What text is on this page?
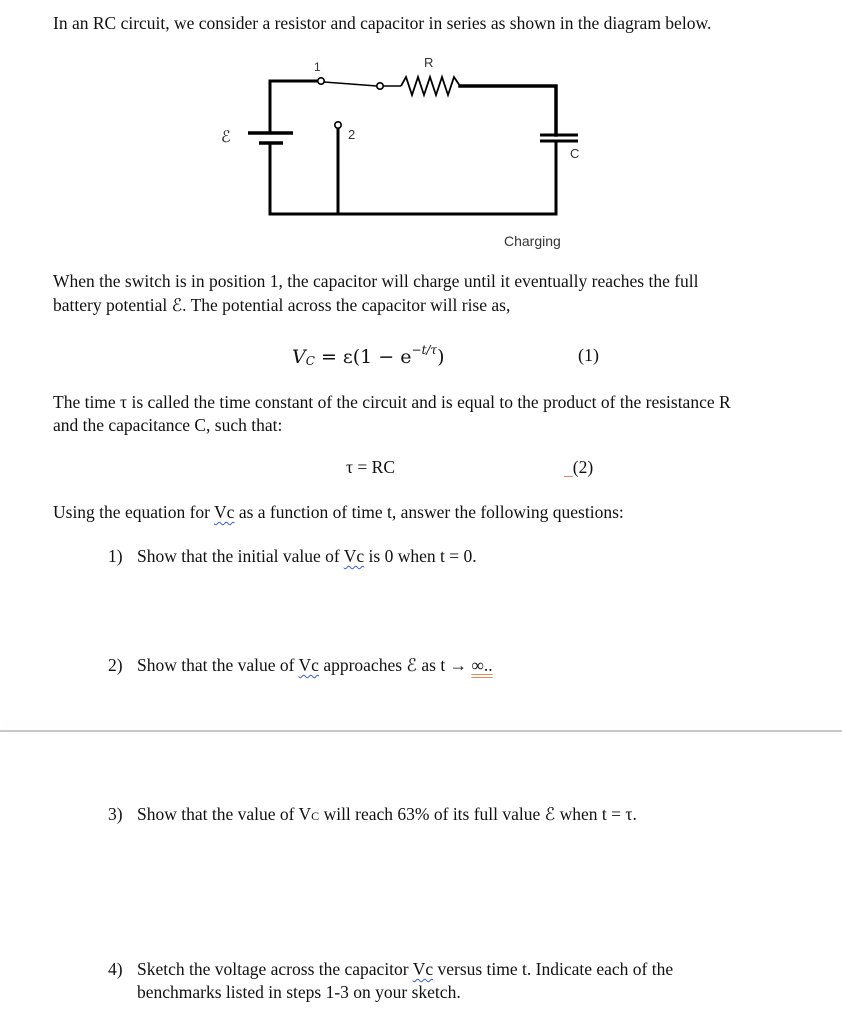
In an RC circuit, we consider a resistor and capacitor in series as shown in the diagram below.
1
2
R
C
ℰ
Charging
When the switch is in position 1, the capacitor will charge until it eventually reaches the full
battery potential ℰ. The potential across the capacitor will rise as,
VC = $\varepsilon(1 - e^{-t/\tau})$	(1)
The time τ is called the time constant of the circuit and is equal to the product of the resistance R
and the capacitance C, such that:
τ = RC	(2)
Using the equation for Vc as a function of time t, answer the following questions:
1) Show that the initial value of Vc is 0 when t = 0.
2) Show that the value of Vc approaches ℰ as t → ∞..
3) Show that the value of VC will reach 63% of its full value ℰ when t = τ.
4) Sketch the voltage across the capacitor Vc versus time t. Indicate each of the
benchmarks listed in steps 1-3 on your sketch.
